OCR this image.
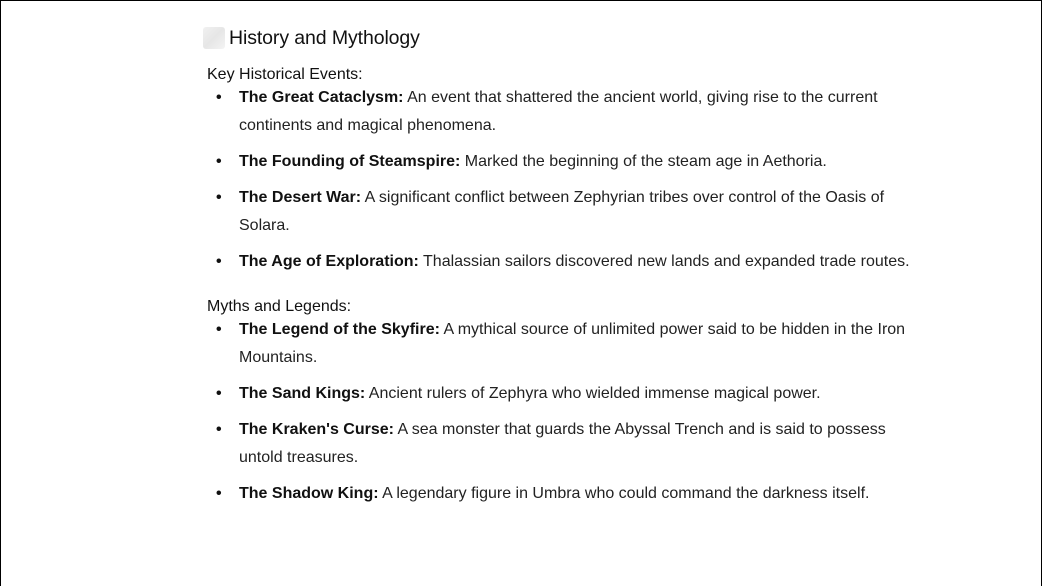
History and Mythology
Key Historical Events:
• The Great Cataclysm: An event that shattered the ancient world, giving rise to the current continents and magical phenomena.
• The Founding of Steamspire: Marked the beginning of the steam age in Aethoria.
• The Desert War: A significant conflict between Zephyrian tribes over control of the Oasis of Solara.
• The Age of Exploration: Thalassian sailors discovered new lands and expanded trade routes.
Myths and Legends:
• The Legend of the Skyfire: A mythical source of unlimited power said to be hidden in the Iron Mountains.
• The Sand Kings: Ancient rulers of Zephyra who wielded immense magical power.
• The Kraken's Curse: A sea monster that guards the Abyssal Trench and is said to possess untold treasures.
• The Shadow King: A legendary figure in Umbra who could command the darkness itself.
